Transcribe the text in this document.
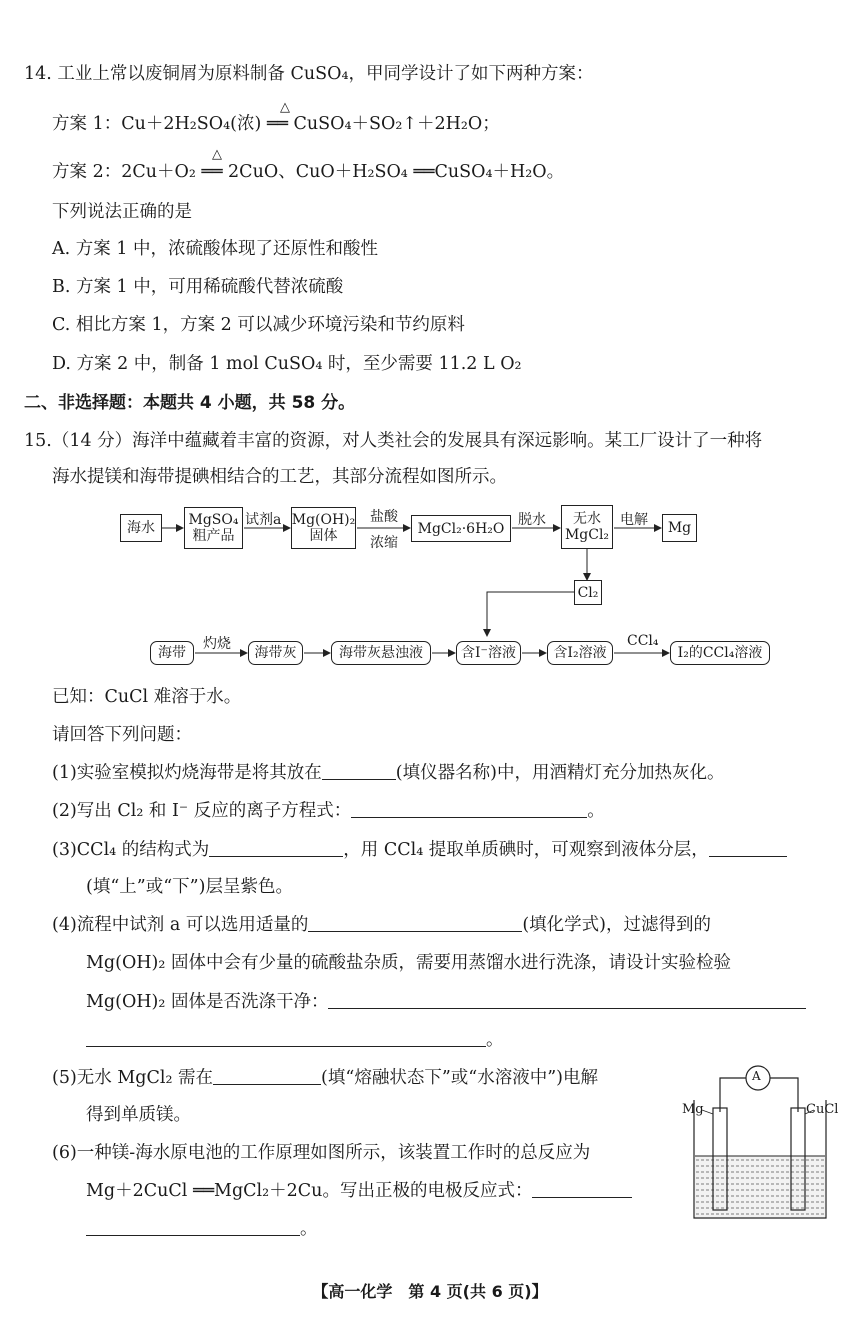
14. 工业上常以废铜屑为原料制备 CuSO₄，甲同学设计了如下两种方案：
方案 1：Cu＋2H₂SO₄(浓) ══ CuSO₄＋SO₂↑＋2H₂O；
△
方案 2：2Cu＋O₂ ══ 2CuO、CuO＋H₂SO₄ ══CuSO₄＋H₂O。
△
下列说法正确的是
A. 方案 1 中，浓硫酸体现了还原性和酸性
B. 方案 1 中，可用稀硫酸代替浓硫酸
C. 相比方案 1，方案 2 可以减少环境污染和节约原料
D. 方案 2 中，制备 1 mol CuSO₄ 时，至少需要 11.2 L O₂
二、非选择题：本题共 4 小题，共 58 分。
15.（14 分）海洋中蕴藏着丰富的资源，对人类社会的发展具有深远影响。某工厂设计了一种将
海水提镁和海带提碘相结合的工艺，其部分流程如图所示。
海水	MgSO₄
粗产品
Mg(OH)₂
固体	MgCl₂·6H₂O
无水
MgCl₂	Mg
试剂a	盐酸
浓缩
脱水	电解
Cl₂
海带	海带灰	海带灰悬浊液	含I⁻溶液	含I₂溶液	I₂的CCl₄溶液
灼烧	CCl₄
已知：CuCl 难溶于水。
请回答下列问题：
(1)实验室模拟灼烧海带是将其放在	(填仪器名称)中，用酒精灯充分加热灰化。
(2)写出 Cl₂ 和 I⁻ 反应的离子方程式：	。
(3)CCl₄ 的结构式为	，用 CCl₄ 提取单质碘时，可观察到液体分层，
(填“上”或“下”)层呈紫色。
(4)流程中试剂 a 可以选用适量的	(填化学式)，过滤得到的
Mg(OH)₂ 固体中会有少量的硫酸盐杂质，需要用蒸馏水进行洗涤，请设计实验检验
Mg(OH)₂ 固体是否洗涤干净：
。
(5)无水 MgCl₂ 需在	(填“熔融状态下”或“水溶液中”)电解
得到单质镁。
(6)一种镁-海水原电池的工作原理如图所示，该装置工作时的总反应为
Mg＋2CuCl ══MgCl₂＋2Cu。写出正极的电极反应式：
。
A
Mg	CuCl
【高一化学　第 4 页(共 6 页)】
